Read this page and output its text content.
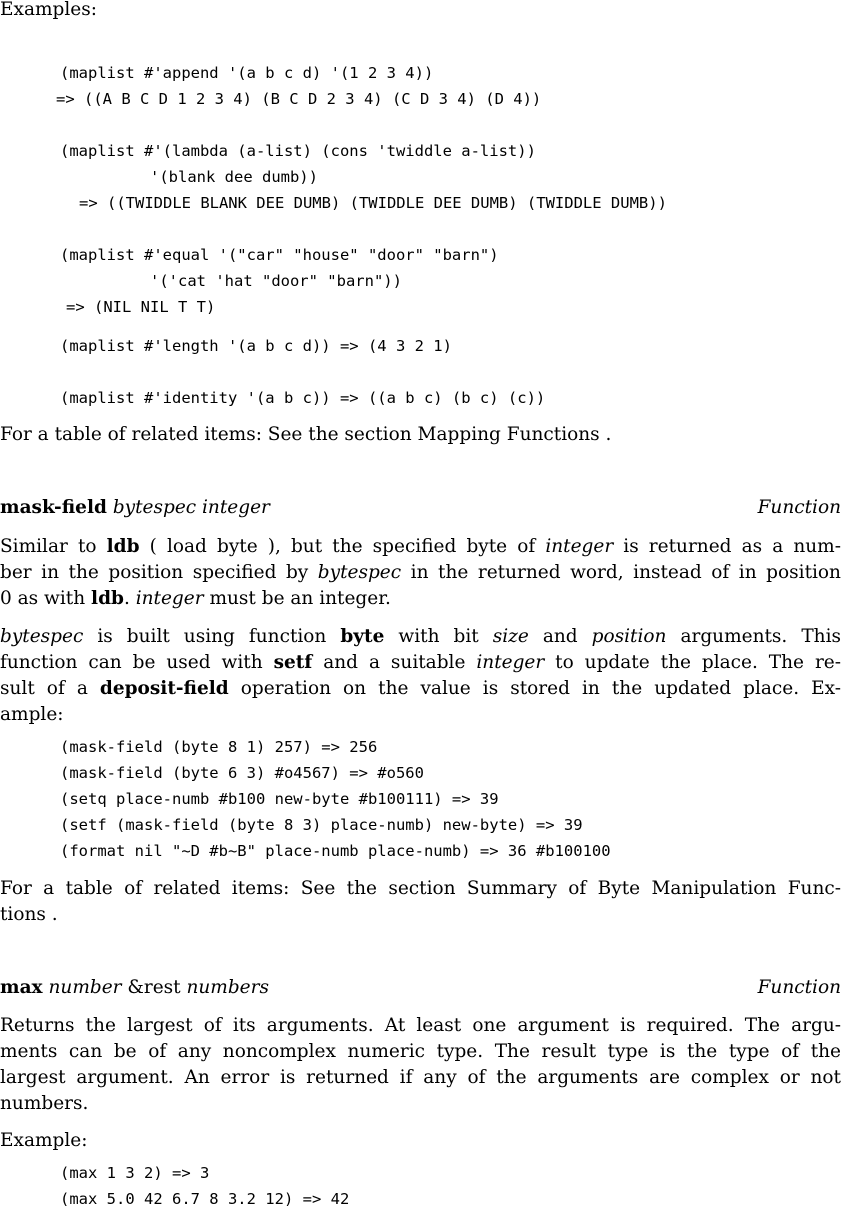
Examples:
(maplist #'append '(a b c d) '(1 2 3 4))
=> ((A B C D 1 2 3 4) (B C D 2 3 4) (C D 3 4) (D 4))
(maplist #'(lambda (a-list) (cons 'twiddle a-list))
'(blank dee dumb))
=> ((TWIDDLE BLANK DEE DUMB) (TWIDDLE DEE DUMB) (TWIDDLE DUMB))
(maplist #'equal '("car" "house" "door" "barn")
'('cat 'hat "door" "barn"))
=> (NIL NIL T T)
(maplist #'length '(a b c d)) => (4 3 2 1)
(maplist #'identity '(a b c)) => ((a b c) (b c) (c))
For a table of related items: See the section Mapping Functions .
mask-field bytespec integer	Function
Similar to ldb ( load byte ), but the specified byte of integer is returned as a num-
ber in the position specified by bytespec in the returned word, instead of in position
0 as with ldb. integer must be an integer.
bytespec is built using function byte with bit size and position arguments. This
function can be used with setf and a suitable integer to update the place. The re-
sult of a deposit-field operation on the value is stored in the updated place. Ex-
ample:
(mask-field (byte 8 1) 257) => 256
(mask-field (byte 6 3) #o4567) => #o560
(setq place-numb #b100 new-byte #b100111) => 39
(setf (mask-field (byte 8 3) place-numb) new-byte) => 39
(format nil "~D #b~B" place-numb place-numb) => 36 #b100100
For a table of related items: See the section Summary of Byte Manipulation Func-
tions .
max number &rest numbers	Function
Returns the largest of its arguments. At least one argument is required. The argu-
ments can be of any noncomplex numeric type. The result type is the type of the
largest argument. An error is returned if any of the arguments are complex or not
numbers.
Example:
(max 1 3 2) => 3
(max 5.0 42 6.7 8 3.2 12) => 42
